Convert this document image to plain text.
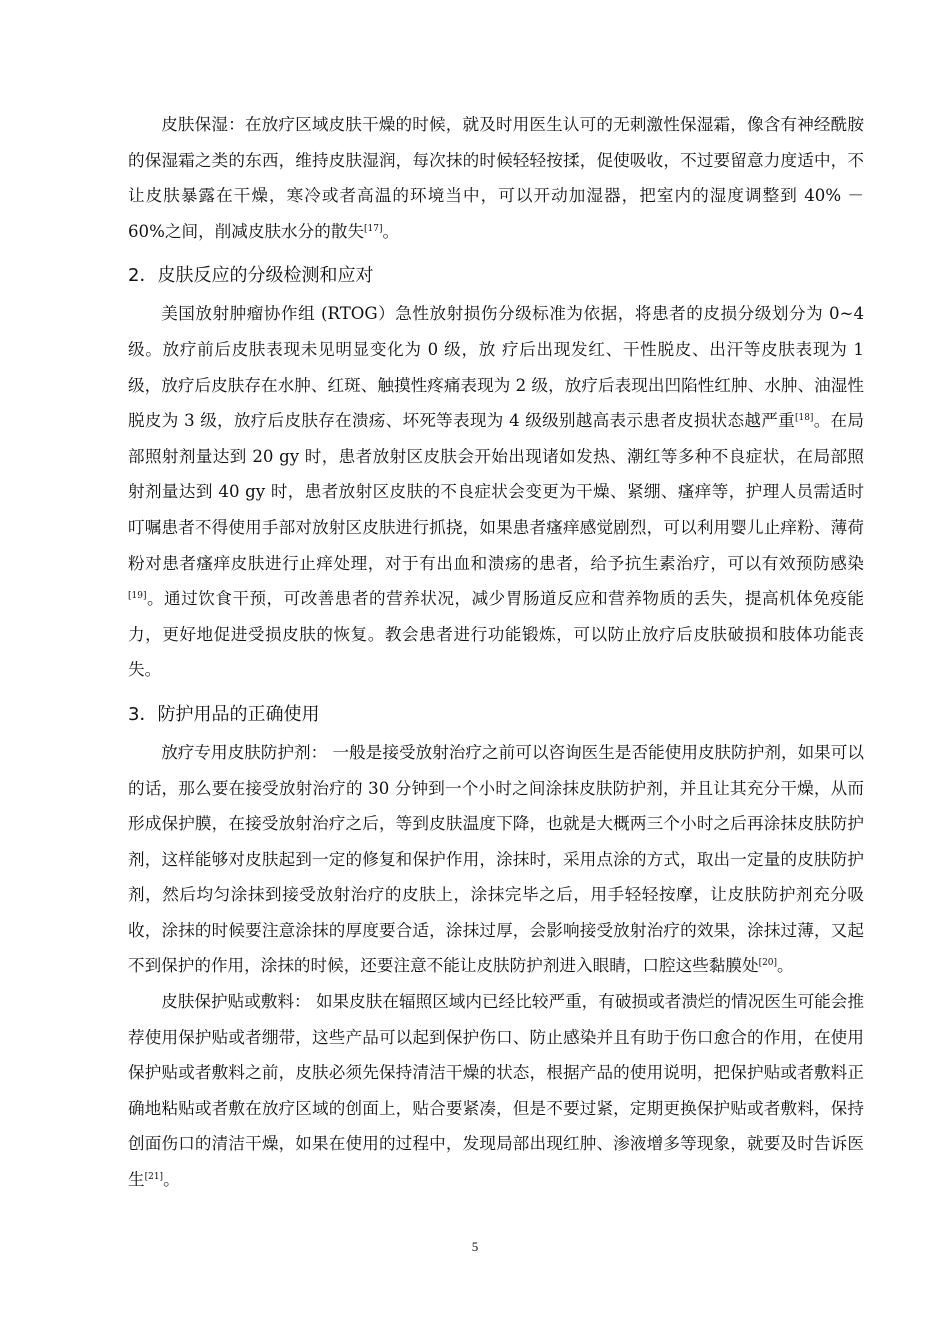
皮肤保湿：在放疗区域皮肤干燥的时候，就及时用医生认可的无刺激性保湿霜，像含有神经酰胺的保湿霜之类的东西，维持皮肤湿润，每次抹的时候轻轻按揉，促使吸收，不过要留意力度适中，不让皮肤暴露在干燥，寒冷或者高温的环境当中，可以开动加湿器，把室内的湿度调整到 40% － 60%之间，削减皮肤水分的散失[17]。

2．皮肤反应的分级检测和应对

美国放射肿瘤协作组 (RTOG）急性放射损伤分级标准为依据，将患者的皮损分级划分为 0~4 级。放疗前后皮肤表现未见明显变化为 0 级，放 疗后出现发红、干性脱皮、出汗等皮肤表现为 1 级，放疗后皮肤存在水肿、红斑、触摸性疼痛表现为 2 级，放疗后表现出凹陷性红肿、水肿、油湿性脱皮为 3 级，放疗后皮肤存在溃疡、坏死等表现为 4 级级别越高表示患者皮损状态越严重[18]。在局部照射剂量达到 20 gy 时，患者放射区皮肤会开始出现诸如发热、潮红等多种不良症状，在局部照射剂量达到 40 gy 时，患者放射区皮肤的不良症状会变更为干燥、紧绷、瘙痒等，护理人员需适时叮嘱患者不得使用手部对放射区皮肤进行抓挠，如果患者瘙痒感觉剧烈，可以利用婴儿止痒粉、薄荷粉对患者瘙痒皮肤进行止痒处理，对于有出血和溃疡的患者，给予抗生素治疗，可以有效预防感染[19]。通过饮食干预，可改善患者的营养状况，减少胃肠道反应和营养物质的丢失，提高机体免疫能力，更好地促进受损皮肤的恢复。教会患者进行功能锻炼，可以防止放疗后皮肤破损和肢体功能丧失。

3．防护用品的正确使用

放疗专用皮肤防护剂： 一般是接受放射治疗之前可以咨询医生是否能使用皮肤防护剂，如果可以的话，那么要在接受放射治疗的 30 分钟到一个小时之间涂抹皮肤防护剂，并且让其充分干燥，从而形成保护膜，在接受放射治疗之后，等到皮肤温度下降，也就是大概两三个小时之后再涂抹皮肤防护剂，这样能够对皮肤起到一定的修复和保护作用，涂抹时，采用点涂的方式，取出一定量的皮肤防护剂，然后均匀涂抹到接受放射治疗的皮肤上，涂抹完毕之后，用手轻轻按摩，让皮肤防护剂充分吸收，涂抹的时候要注意涂抹的厚度要合适，涂抹过厚，会影响接受放射治疗的效果，涂抹过薄，又起不到保护的作用，涂抹的时候，还要注意不能让皮肤防护剂进入眼睛，口腔这些黏膜处[20]。

皮肤保护贴或敷料： 如果皮肤在辐照区域内已经比较严重，有破损或者溃烂的情况医生可能会推荐使用保护贴或者绷带，这些产品可以起到保护伤口、防止感染并且有助于伤口愈合的作用，在使用保护贴或者敷料之前，皮肤必须先保持清洁干燥的状态，根据产品的使用说明，把保护贴或者敷料正确地粘贴或者敷在放疗区域的创面上，贴合要紧凑，但是不要过紧，定期更换保护贴或者敷料，保持创面伤口的清洁干燥，如果在使用的过程中，发现局部出现红肿、渗液增多等现象，就要及时告诉医生[21]。

5
